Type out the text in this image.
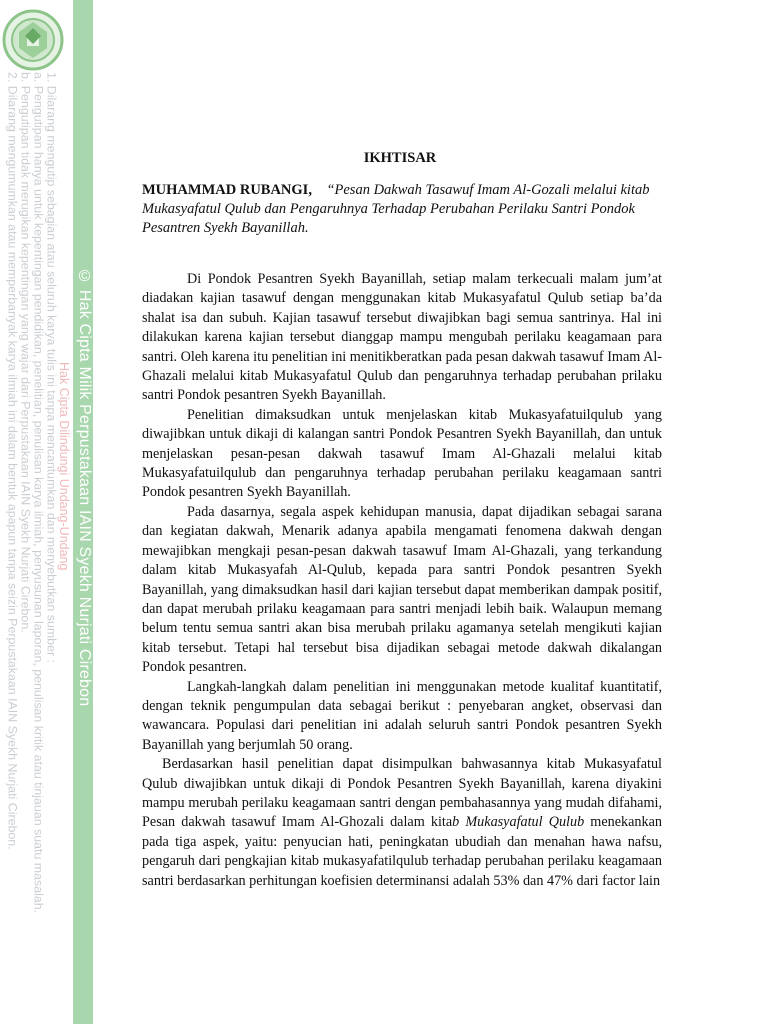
© Hak Cipta Milik Perpustakaan IAIN Syekh Nurjati Cirebon
Hak Cipta Dilindungi Undang-Undang
1. Dilarang mengutip sebagian atau seluruh karya tulis ini tanpa mencantumkan dan menyebutkan sumber :
a. Pengutipan hanya untuk kepentingan pendidikan, penelitian, penulisan karya ilmiah, penyusunan laporan, penulisan kritik atau tinjauan suatu masalah.
b. Pengutipan tidak merugikan kepentingan yang wajar dari Perpustakaan IAIN Syekh Nurjati Cirebon.
2. Dilarang mengumumkan atau memperbanyak karya ilmiah ini dalam bentuk apapun tanpa seizin Perpustakaan IAIN Syekh Nurjati Cirebon.	IKHTISAR
MUHAMMAD RUBANGI, “Pesan Dakwah Tasawuf Imam Al-Gozali melalui kitab Mukasyafatul Qulub dan Pengaruhnya Terhadap Perubahan Perilaku Santri Pondok Pesantren Syekh Bayanillah.

Di Pondok Pesantren Syekh Bayanillah, setiap malam terkecuali malam jum’at diadakan kajian tasawuf dengan menggunakan kitab Mukasyafatul Qulub setiap ba’da shalat isa dan subuh. Kajian tasawuf tersebut diwajibkan bagi semua santrinya. Hal ini dilakukan karena kajian tersebut dianggap mampu mengubah perilaku keagamaan para santri. Oleh karena itu penelitian ini menitikberatkan pada pesan dakwah tasawuf Imam Al-Ghazali melalui kitab Mukasyafatul Qulub dan pengaruhnya terhadap perubahan prilaku santri Pondok pesantren Syekh Bayanillah.

Penelitian dimaksudkan untuk menjelaskan kitab Mukasyafatuilqulub yang diwajibkan untuk dikaji di kalangan santri Pondok Pesantren Syekh Bayanillah, dan untuk menjelaskan pesan-pesan dakwah tasawuf Imam Al-Ghazali melalui kitab Mukasyafatuilqulub dan pengaruhnya terhadap perubahan perilaku keagamaan santri Pondok pesantren Syekh Bayanillah.

Pada dasarnya, segala aspek kehidupan manusia, dapat dijadikan sebagai sarana dan kegiatan dakwah, Menarik adanya apabila mengamati fenomena dakwah dengan mewajibkan mengkaji pesan-pesan dakwah tasawuf Imam Al-Ghazali, yang terkandung dalam kitab Mukasyafah Al-Qulub, kepada para santri Pondok pesantren Syekh Bayanillah, yang dimaksudkan hasil dari kajian tersebut dapat memberikan dampak positif, dan dapat merubah prilaku keagamaan para santri menjadi lebih baik. Walaupun memang belum tentu semua santri akan bisa merubah prilaku agamanya setelah mengikuti kajian kitab tersebut. Tetapi hal tersebut bisa dijadikan sebagai metode dakwah dikalangan Pondok pesantren.

Langkah-langkah dalam penelitian ini menggunakan metode kualitaf kuantitatif, dengan teknik pengumpulan data sebagai berikut : penyebaran angket, observasi dan wawancara. Populasi dari penelitian ini adalah seluruh santri Pondok pesantren Syekh Bayanillah yang berjumlah 50 orang.

Berdasarkan hasil penelitian dapat disimpulkan bahwasannya kitab Mukasyafatul Qulub diwajibkan untuk dikaji di Pondok Pesantren Syekh Bayanillah, karena diyakini mampu merubah perilaku keagamaan santri dengan pembahasannya yang mudah difahami, Pesan dakwah tasawuf Imam Al-Ghozali dalam kitab Mukasyafatul Qulub menekankan pada tiga aspek, yaitu: penyucian hati, peningkatan ubudiah dan menahan hawa nafsu, pengaruh dari pengkajian kitab mukasyafatilqulub terhadap perubahan perilaku keagamaan santri berdasarkan perhitungan koefisien determinansi adalah 53% dan 47% dari factor lain
